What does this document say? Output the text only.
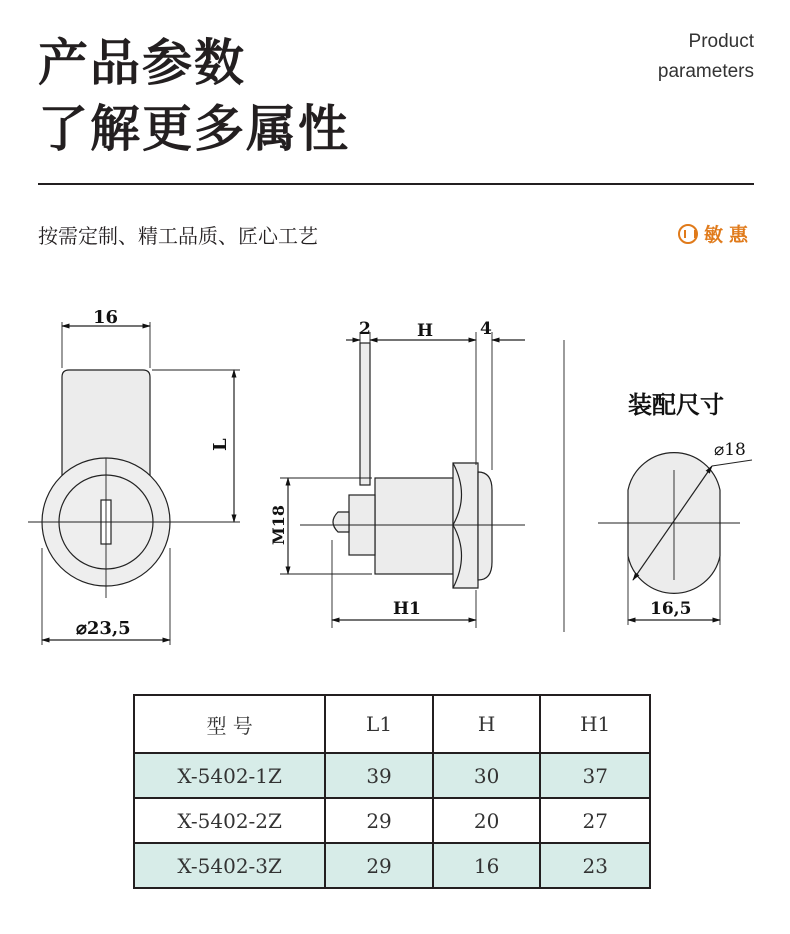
产品参数
了解更多属性
Product
parameters
按需定制、精工品质、匠心工艺	敏惠
16
L
⌀23,5
2	H	4
M18
H1
装配尺寸
⌀18
16,5
型 号	L1	H	H1
X-5402-1Z	39	30	37
X-5402-2Z	29	20	27
X-5402-3Z	29	16	23
